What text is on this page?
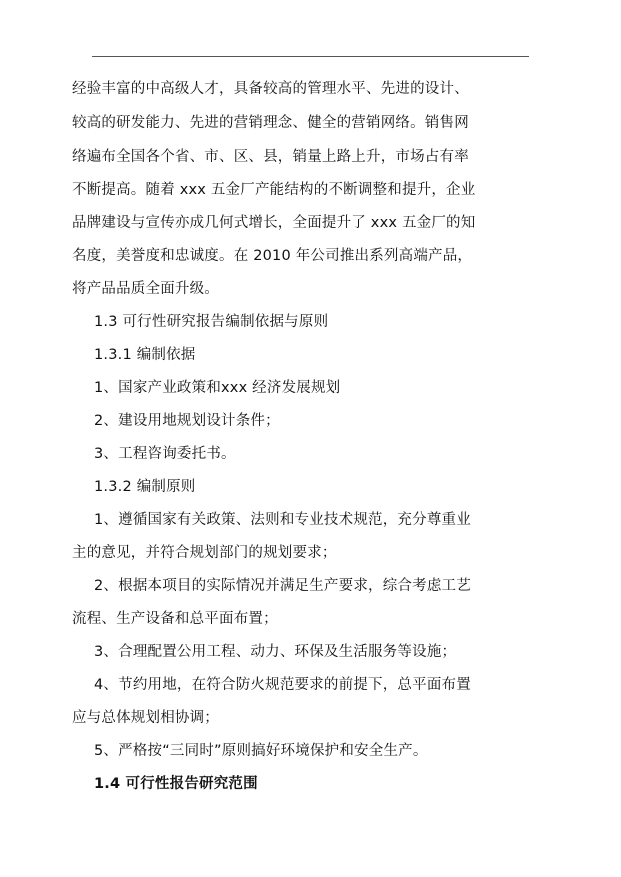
经验丰富的中高级人才，具备较高的管理水平、先进的设计、
较高的研发能力、先进的营销理念、健全的营销网络。销售网
络遍布全国各个省、市、区、县，销量上路上升，市场占有率
不断提高。随着 xxx 五金厂产能结构的不断调整和提升，企业
品牌建设与宣传亦成几何式增长，全面提升了 xxx 五金厂的知
名度，美誉度和忠诚度。在 2010 年公司推出系列高端产品，
将产品品质全面升级。
1.3 可行性研究报告编制依据与原则
1.3.1 编制依据
1、国家产业政策和xxx 经济发展规划
2、建设用地规划设计条件；
3、工程咨询委托书。
1.3.2 编制原则
1、遵循国家有关政策、法则和专业技术规范，充分尊重业
主的意见，并符合规划部门的规划要求；
2、根据本项目的实际情况并满足生产要求，综合考虑工艺
流程、生产设备和总平面布置；
3、合理配置公用工程、动力、环保及生活服务等设施；
4、节约用地，在符合防火规范要求的前提下，总平面布置
应与总体规划相协调；
5、严格按“三同时”原则搞好环境保护和安全生产。
1.4 可行性报告研究范围
